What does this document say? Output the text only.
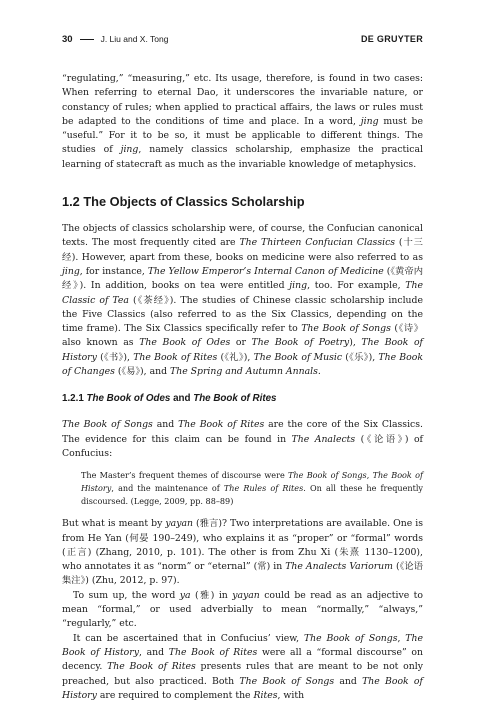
30	J. Liu and X. Tong	DE GRUYTER

“regulating,” “measuring,” etc. Its usage, therefore, is found in two cases: When referring to eternal Dao, it underscores the invariable nature, or constancy of rules; when applied to practical affairs, the laws or rules must be adapted to the conditions of time and place. In a word, jing must be “useful.” For it to be so, it must be applicable to different things. The studies of jing, namely classics scholarship, emphasize the practical learning of statecraft as much as the invariable knowledge of metaphysics.

1.2 The Objects of Classics Scholarship

The objects of classics scholarship were, of course, the Confucian canonical texts. The most frequently cited are The Thirteen Confucian Classics (十三经). However, apart from these, books on medicine were also referred to as jing, for instance, The Yellow Emperor’s Internal Canon of Medicine (《黄帝内经》). In addition, books on tea were entitled jing, too. For example, The Classic of Tea (《茶经》). The studies of Chinese classic scholarship include the Five Classics (also referred to as the Six Classics, depending on the time frame). The Six Classics specifically refer to The Book of Songs (《诗》 also known as The Book of Odes or The Book of Poetry), The Book of History (《书》), The Book of Rites (《礼》), The Book of Music (《乐》), The Book of Changes (《易》), and The Spring and Autumn Annals.

1.2.1 The Book of Odes and The Book of Rites

The Book of Songs and The Book of Rites are the core of the Six Classics. The evidence for this claim can be found in The Analects (《论语》) of Confucius:

The Master’s frequent themes of discourse were The Book of Songs, The Book of History, and the maintenance of The Rules of Rites. On all these he frequently discoursed. (Legge, 2009, pp. 88–89)

But what is meant by yayan (雅言)? Two interpretations are available. One is from He Yan (何晏 190–249), who explains it as “proper” or “formal” words (正言) (Zhang, 2010, p. 101). The other is from Zhu Xi (朱熹 1130–1200), who annotates it as “norm” or “eternal” (常) in The Analects Variorum (《论语集注》) (Zhu, 2012, p. 97).

To sum up, the word ya (雅) in yayan could be read as an adjective to mean “formal,” or used adverbially to mean “normally,” “always,” “regularly,” etc.

It can be ascertained that in Confucius’ view, The Book of Songs, The Book of History, and The Book of Rites were all a “formal discourse” on decency. The Book of Rites presents rules that are meant to be not only preached, but also practiced. Both The Book of Songs and The Book of History are required to complement the Rites, with
